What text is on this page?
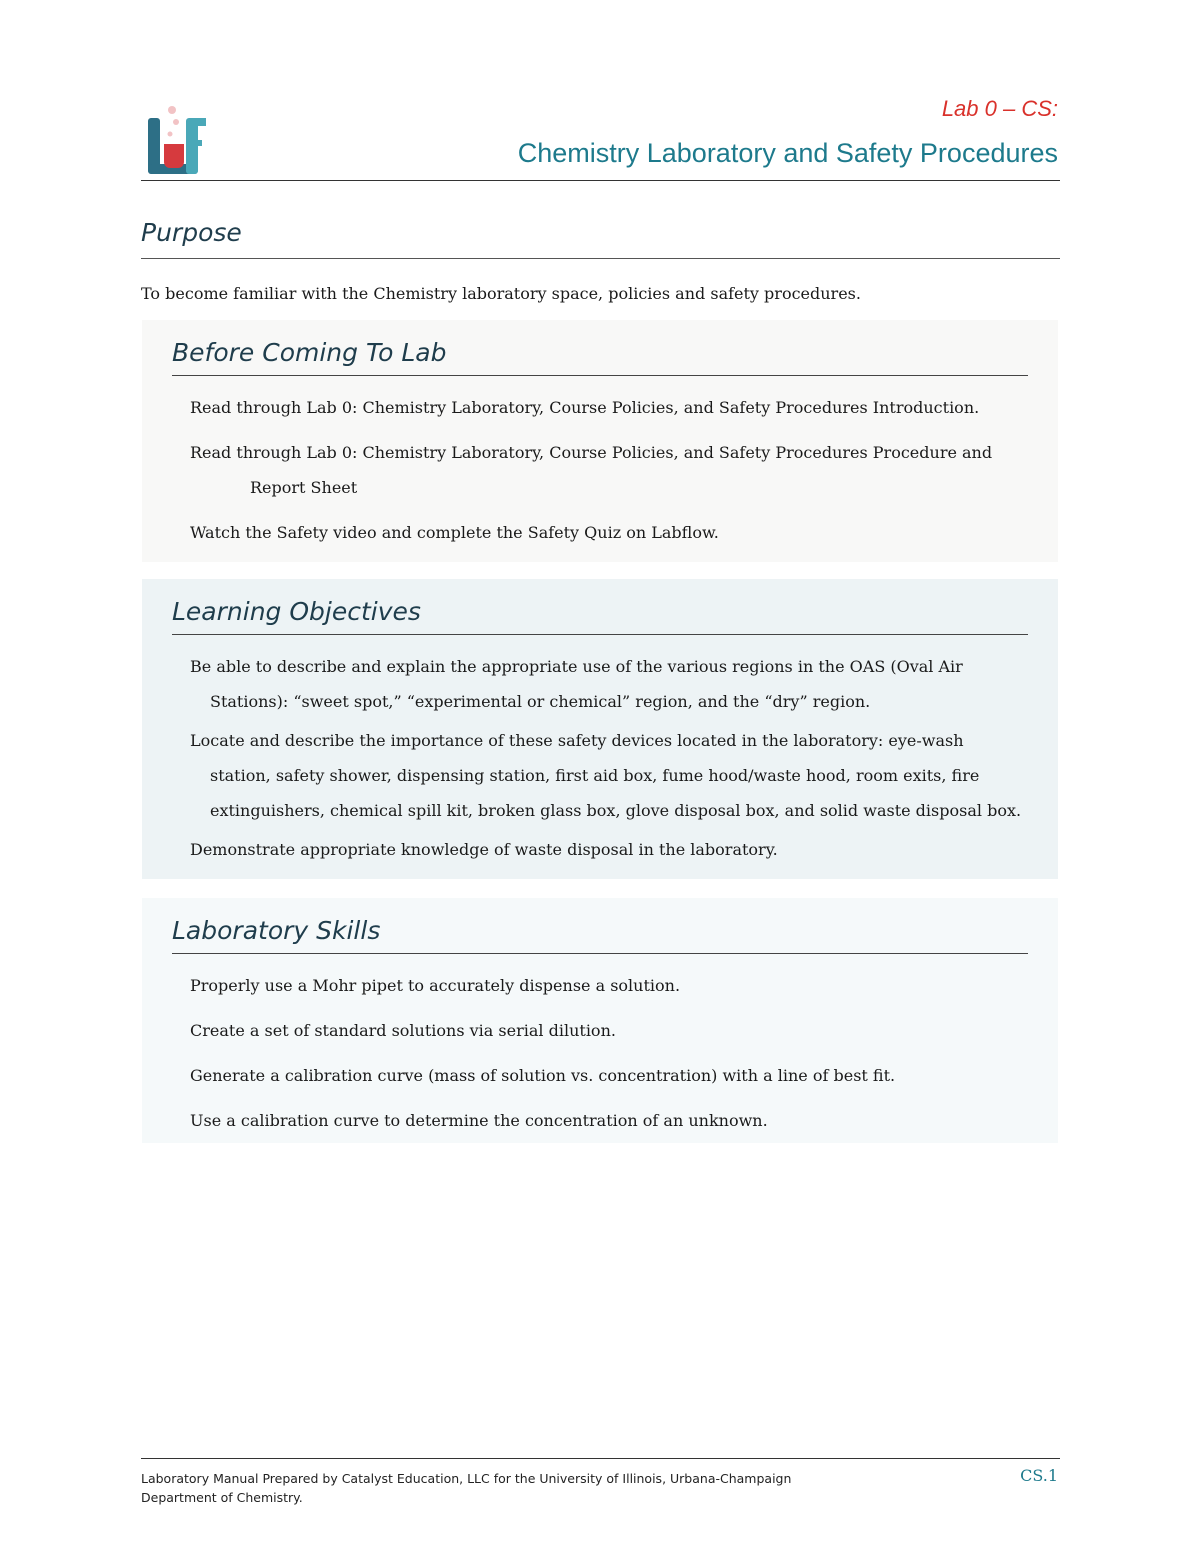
Lab 0 – CS:
Chemistry Laboratory and Safety Procedures
Purpose
To become familiar with the Chemistry laboratory space, policies and safety procedures.
Before Coming To Lab
Read through Lab 0: Chemistry Laboratory, Course Policies, and Safety Procedures Introduction.
Read through Lab 0: Chemistry Laboratory, Course Policies, and Safety Procedures Procedure and Report Sheet
Watch the Safety video and complete the Safety Quiz on Labflow.
Learning Objectives
Be able to describe and explain the appropriate use of the various regions in the OAS (Oval Air Stations): “sweet spot,” “experimental or chemical” region, and the “dry” region.
Locate and describe the importance of these safety devices located in the laboratory: eye-wash station, safety shower, dispensing station, first aid box, fume hood/waste hood, room exits, fire extinguishers, chemical spill kit, broken glass box, glove disposal box, and solid waste disposal box.
Demonstrate appropriate knowledge of waste disposal in the laboratory.
Laboratory Skills
Properly use a Mohr pipet to accurately dispense a solution.
Create a set of standard solutions via serial dilution.
Generate a calibration curve (mass of solution vs. concentration) with a line of best fit.
Use a calibration curve to determine the concentration of an unknown.
Laboratory Manual Prepared by Catalyst Education, LLC for the University of Illinois, Urbana-Champaign Department of Chemistry.
CS.1
